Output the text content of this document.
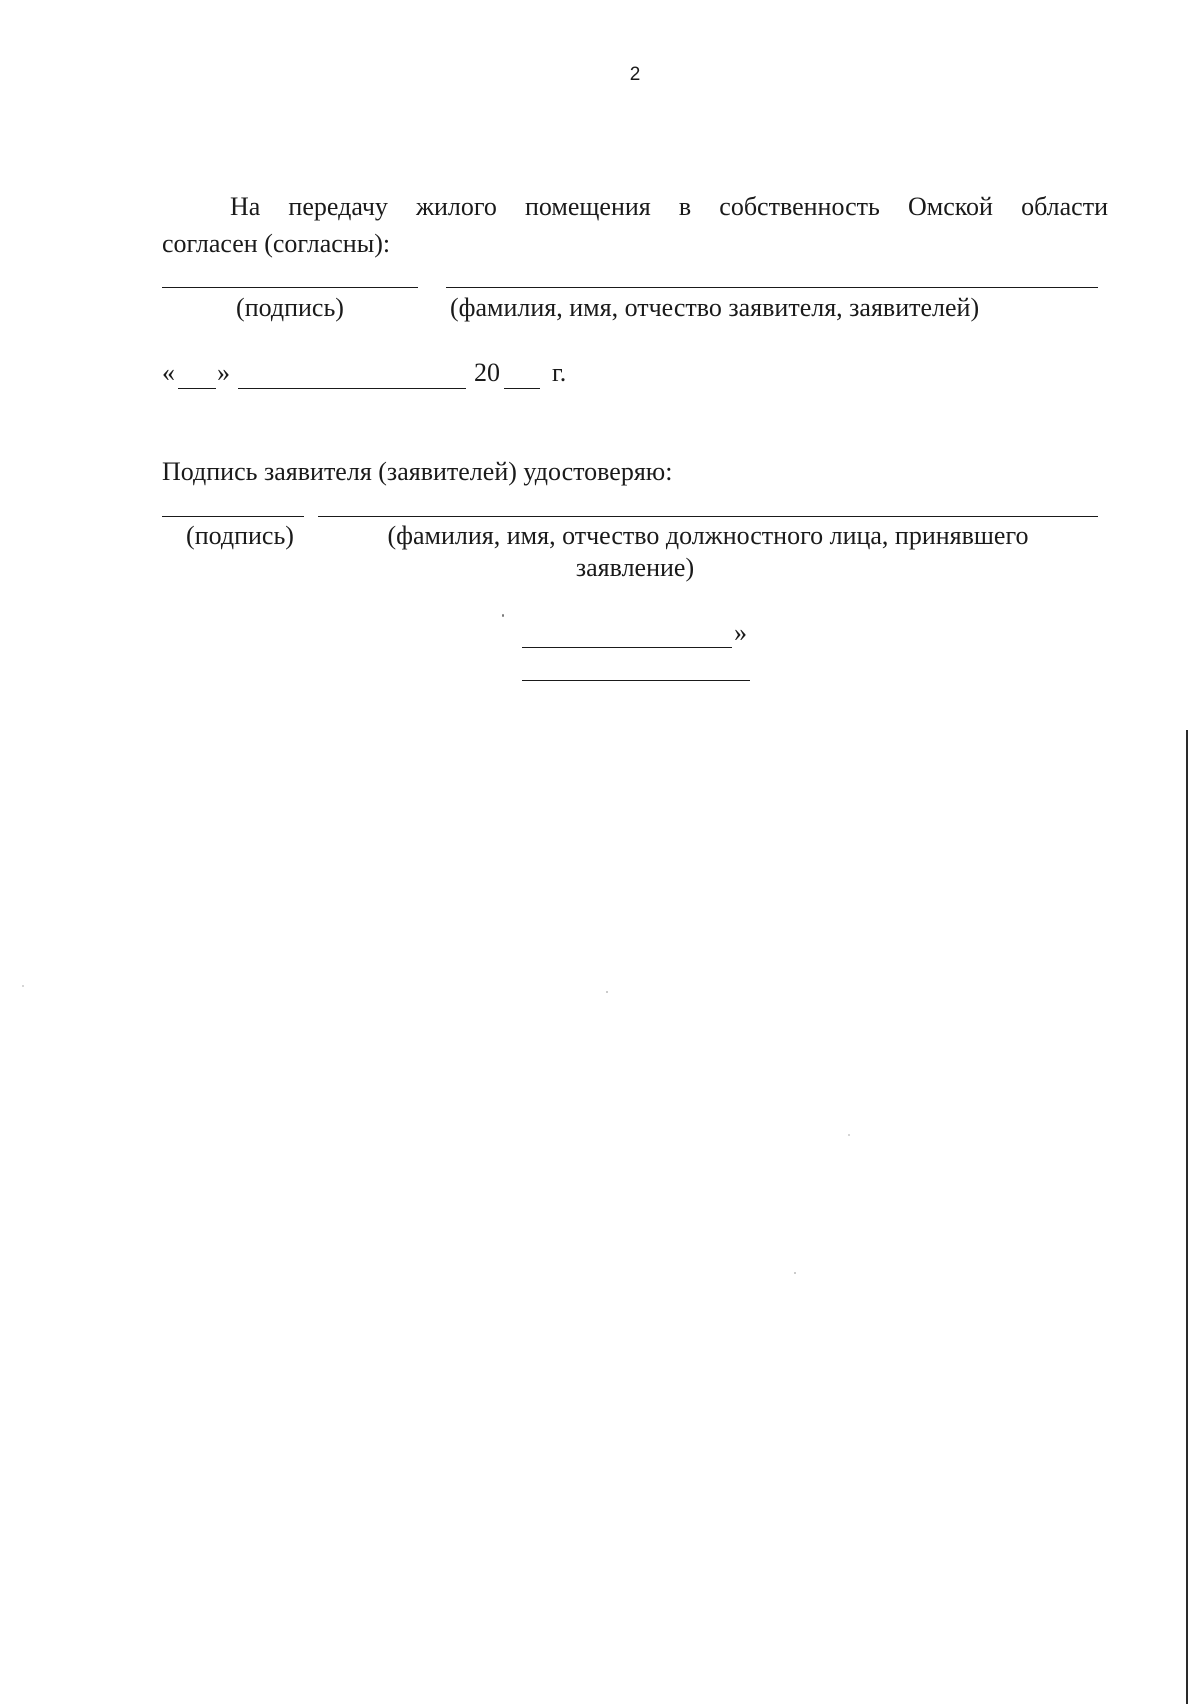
2
На передачу жилого помещения в собственность Омской области
согласен (согласны):
(подпись)	(фамилия, имя, отчество заявителя, заявителей)
« »	20 г.
Подпись заявителя (заявителей) удостоверяю:
(подпись)	(фамилия, имя, отчество должностного лица, принявшего
заявление)
»
